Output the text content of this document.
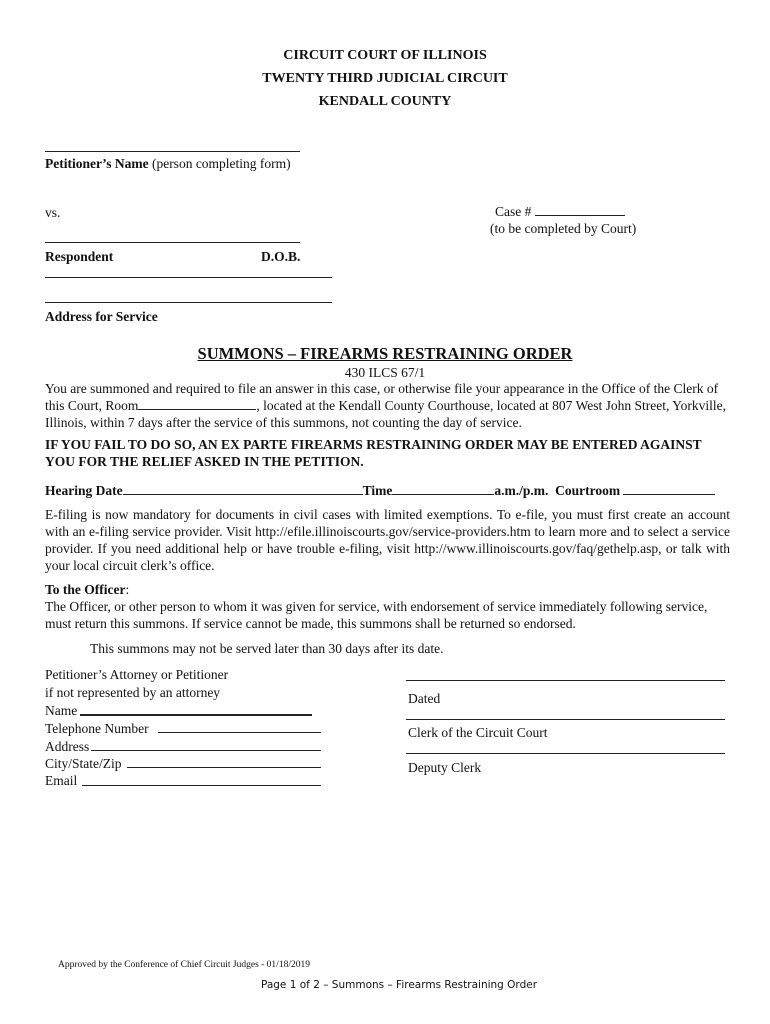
CIRCUIT COURT OF ILLINOIS
TWENTY THIRD JUDICIAL CIRCUIT
KENDALL COUNTY
Petitioner’s Name (person completing form)
vs.	Case #
(to be completed by Court)
Respondent	D.O.B.
Address for Service
SUMMONS – FIREARMS RESTRAINING ORDER
430 ILCS 67/1
You are summoned and required to file an answer in this case, or otherwise file your appearance in the Office of the Clerk of this Court, Room	, located at the Kendall County Courthouse, located at 807 West John Street, Yorkville, Illinois, within 7 days after the service of this summons, not counting the day of service.
IF YOU FAIL TO DO SO, AN EX PARTE FIREARMS RESTRAINING ORDER MAY BE ENTERED AGAINST YOU FOR THE RELIEF ASKED IN THE PETITION.
Hearing Date	Time	a.m./p.m. Courtroom
E-filing is now mandatory for documents in civil cases with limited exemptions. To e-file, you must first create an account with an e-filing service provider. Visit http://efile.illinoiscourts.gov/service-providers.htm to learn more and to select a service provider. If you need additional help or have trouble e-filing, visit http://www.illinoiscourts.gov/faq/gethelp.asp, or talk with your local circuit clerk’s office.
To the Officer:
The Officer, or other person to whom it was given for service, with endorsement of service immediately following service, must return this summons. If service cannot be made, this summons shall be returned so endorsed.
This summons may not be served later than 30 days after its date.
Petitioner’s Attorney or Petitioner
if not represented by an attorney
Name
Telephone Number
Address
City/State/Zip
Email
Dated
Clerk of the Circuit Court
Deputy Clerk
Approved by the Conference of Chief Circuit Judges - 01/18/2019
Page 1 of 2 – Summons – Firearms Restraining Order
